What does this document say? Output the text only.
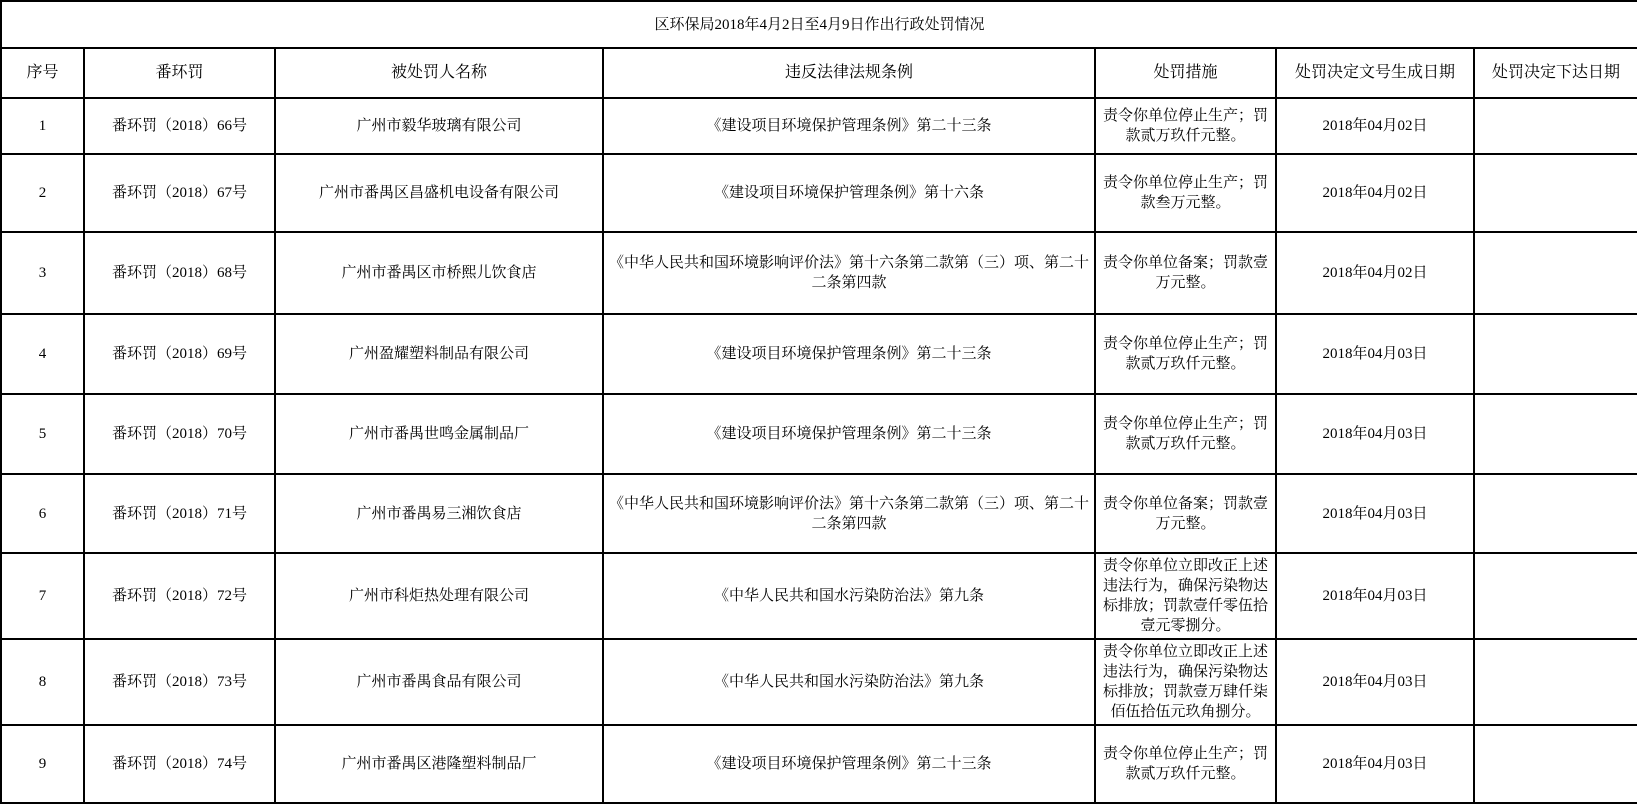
区环保局2018年4月2日至4月9日作出行政处罚情况						
序号	番环罚	被处罚人名称	违反法律法规条例	处罚措施	处罚决定文号生成日期	处罚决定下达日期
1	番环罚（2018）66号	广州市毅华玻璃有限公司	《建设项目环境保护管理条例》第二十三条	责令你单位停止生产；罚款贰万玖仟元整。	2018年04月02日	
2	番环罚（2018）67号	广州市番禺区昌盛机电设备有限公司	《建设项目环境保护管理条例》第十六条	责令你单位停止生产；罚款叁万元整。	2018年04月02日	
3	番环罚（2018）68号	广州市番禺区市桥熙儿饮食店	《中华人民共和国环境影响评价法》第十六条第二款第（三）项、第二十二条第四款	责令你单位备案；罚款壹万元整。	2018年04月02日	
4	番环罚（2018）69号	广州盈耀塑料制品有限公司	《建设项目环境保护管理条例》第二十三条	责令你单位停止生产；罚款贰万玖仟元整。	2018年04月03日	
5	番环罚（2018）70号	广州市番禺世鸣金属制品厂	《建设项目环境保护管理条例》第二十三条	责令你单位停止生产；罚款贰万玖仟元整。	2018年04月03日	
6	番环罚（2018）71号	广州市番禺易三湘饮食店	《中华人民共和国环境影响评价法》第十六条第二款第（三）项、第二十二条第四款	责令你单位备案；罚款壹万元整。	2018年04月03日	
7	番环罚（2018）72号	广州市科炬热处理有限公司	《中华人民共和国水污染防治法》第九条	责令你单位立即改正上述违法行为，确保污染物达标排放；罚款壹仟零伍拾壹元零捌分。	2018年04月03日	
8	番环罚（2018）73号	广州市番禺食品有限公司	《中华人民共和国水污染防治法》第九条	责令你单位立即改正上述违法行为，确保污染物达标排放；罚款壹万肆仟柒佰伍拾伍元玖角捌分。	2018年04月03日	
9	番环罚（2018）74号	广州市番禺区港隆塑料制品厂	《建设项目环境保护管理条例》第二十三条	责令你单位停止生产；罚款贰万玖仟元整。	2018年04月03日	
